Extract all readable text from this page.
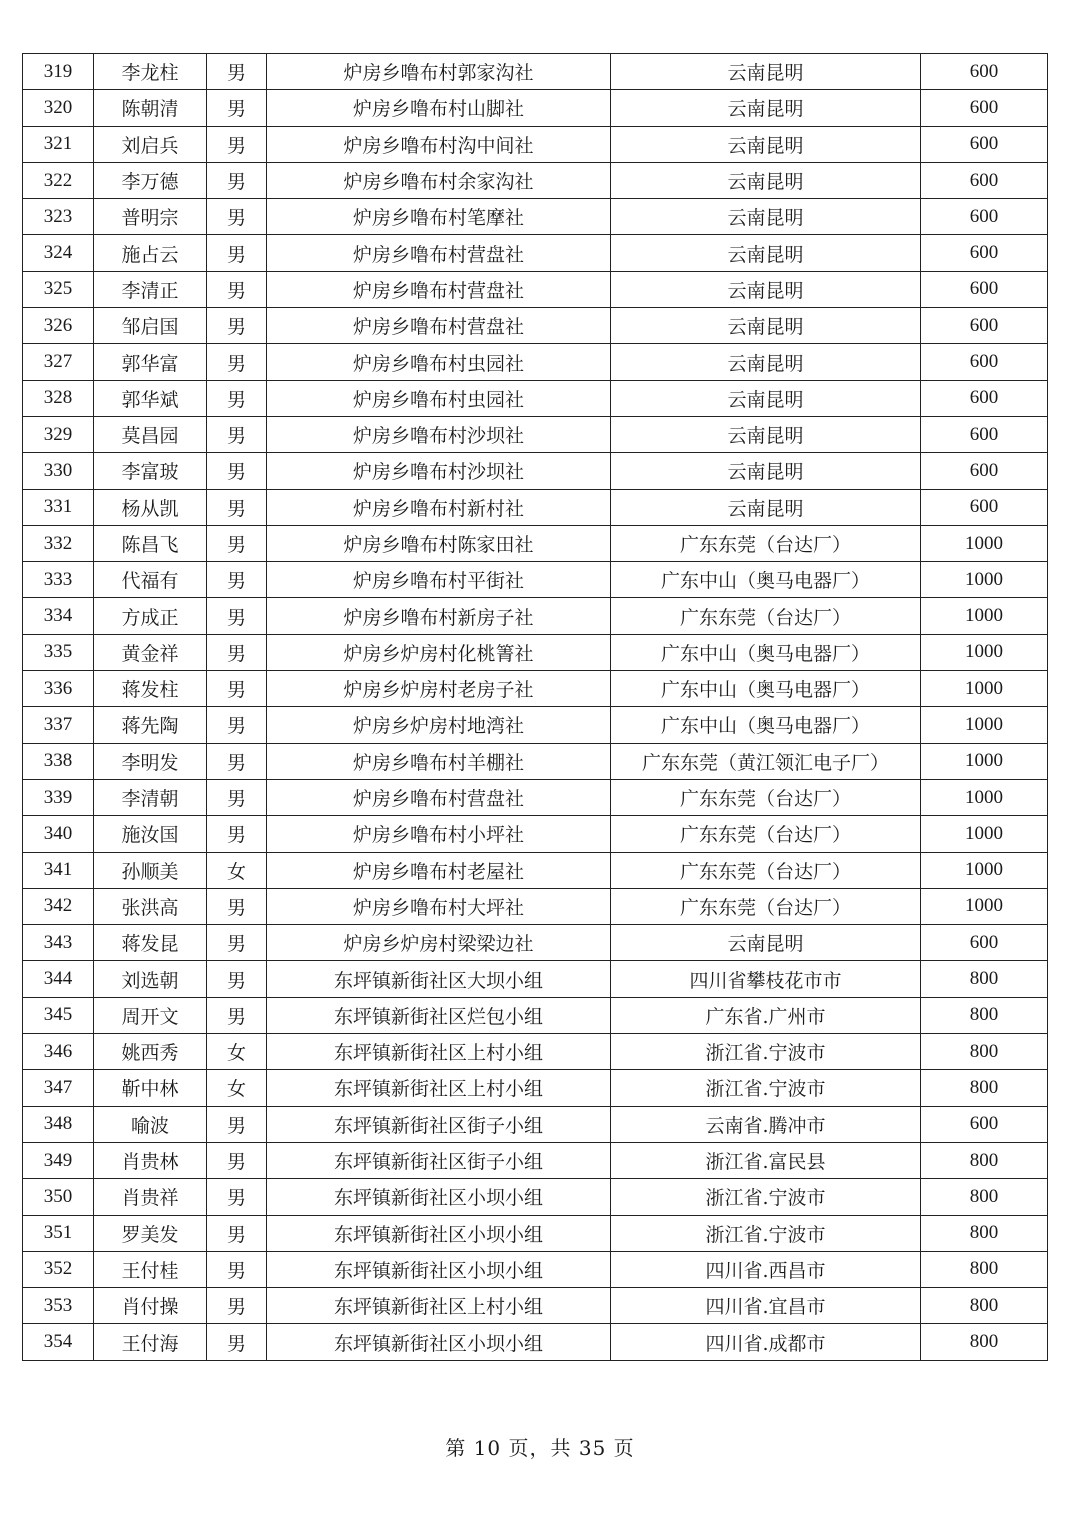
319	李龙柱	男	炉房乡噜布村郭家沟社	云南昆明	600
320	陈朝清	男	炉房乡噜布村山脚社	云南昆明	600
321	刘启兵	男	炉房乡噜布村沟中间社	云南昆明	600
322	李万德	男	炉房乡噜布村余家沟社	云南昆明	600
323	普明宗	男	炉房乡噜布村笔摩社	云南昆明	600
324	施占云	男	炉房乡噜布村营盘社	云南昆明	600
325	李清正	男	炉房乡噜布村营盘社	云南昆明	600
326	邹启国	男	炉房乡噜布村营盘社	云南昆明	600
327	郭华富	男	炉房乡噜布村虫园社	云南昆明	600
328	郭华斌	男	炉房乡噜布村虫园社	云南昆明	600
329	莫昌园	男	炉房乡噜布村沙坝社	云南昆明	600
330	李富玻	男	炉房乡噜布村沙坝社	云南昆明	600
331	杨从凯	男	炉房乡噜布村新村社	云南昆明	600
332	陈昌飞	男	炉房乡噜布村陈家田社	广东东莞（台达厂）	1000
333	代福有	男	炉房乡噜布村平街社	广东中山（奥马电器厂）	1000
334	方成正	男	炉房乡噜布村新房子社	广东东莞（台达厂）	1000
335	黄金祥	男	炉房乡炉房村化桃箐社	广东中山（奥马电器厂）	1000
336	蒋发柱	男	炉房乡炉房村老房子社	广东中山（奥马电器厂）	1000
337	蒋先陶	男	炉房乡炉房村地湾社	广东中山（奥马电器厂）	1000
338	李明发	男	炉房乡噜布村羊棚社	广东东莞（黄江领汇电子厂）	1000
339	李清朝	男	炉房乡噜布村营盘社	广东东莞（台达厂）	1000
340	施汝国	男	炉房乡噜布村小坪社	广东东莞（台达厂）	1000
341	孙顺美	女	炉房乡噜布村老屋社	广东东莞（台达厂）	1000
342	张洪高	男	炉房乡噜布村大坪社	广东东莞（台达厂）	1000
343	蒋发昆	男	炉房乡炉房村梁梁边社	云南昆明	600
344	刘选朝	男	东坪镇新街社区大坝小组	四川省攀枝花市市	800
345	周开文	男	东坪镇新街社区烂包小组	广东省.广州市	800
346	姚西秀	女	东坪镇新街社区上村小组	浙江省.宁波市	800
347	靳中林	女	东坪镇新街社区上村小组	浙江省.宁波市	800
348	喻波	男	东坪镇新街社区街子小组	云南省.腾冲市	600
349	肖贵林	男	东坪镇新街社区街子小组	浙江省.富民县	800
350	肖贵祥	男	东坪镇新街社区小坝小组	浙江省.宁波市	800
351	罗美发	男	东坪镇新街社区小坝小组	浙江省.宁波市	800
352	王付桂	男	东坪镇新街社区小坝小组	四川省.西昌市	800
353	肖付操	男	东坪镇新街社区上村小组	四川省.宜昌市	800
354	王付海	男	东坪镇新街社区小坝小组	四川省.成都市	800
第 10 页，共 35 页
